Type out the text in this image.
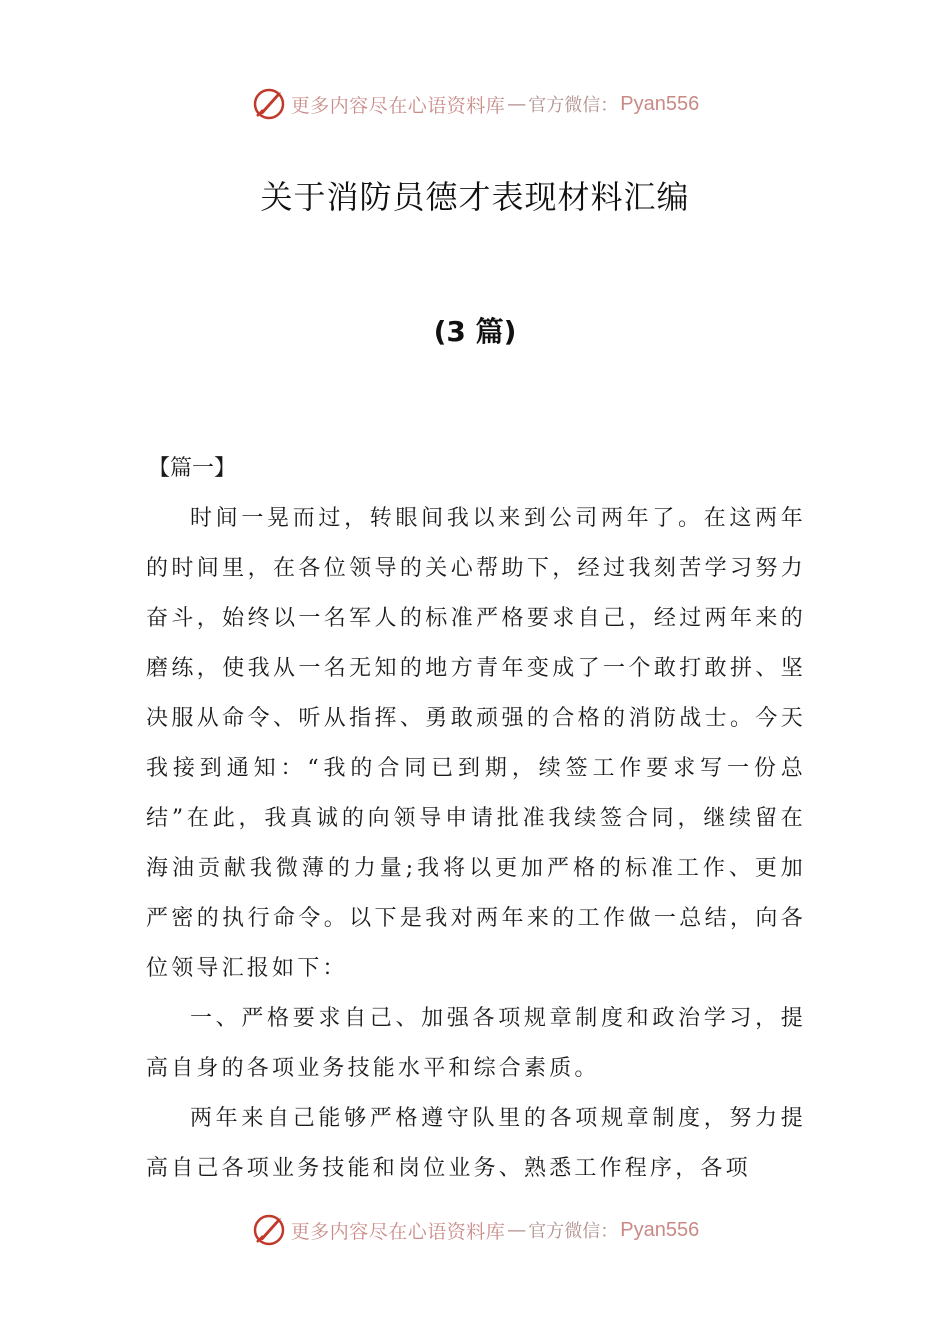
更多内容尽在心语资料库 — 官方微信： Pyan556
关于消防员德才表现材料汇编
(3 篇)
【篇一】

时间一晃而过，转眼间我以来到公司两年了。在这两年的时间里，在各位领导的关心帮助下，经过我刻苦学习努力奋斗，始终以一名军人的标准严格要求自己，经过两年来的磨练，使我从一名无知的地方青年变成了一个敢打敢拼、坚决服从命令、听从指挥、勇敢顽强的合格的消防战士。今天我接到通知：“我的合同已到期，续签工作要求写一份总结”在此，我真诚的向领导申请批准我续签合同，继续留在海油贡献我微薄的力量;我将以更加严格的标准工作、更加严密的执行命令。以下是我对两年来的工作做一总结，向各位领导汇报如下：

一、严格要求自己、加强各项规章制度和政治学习，提高自身的各项业务技能水平和综合素质。

两年来自己能够严格遵守队里的各项规章制度，努力提高自己各项业务技能和岗位业务、熟悉工作程序，各项

更多内容尽在心语资料库 — 官方微信： Pyan556
